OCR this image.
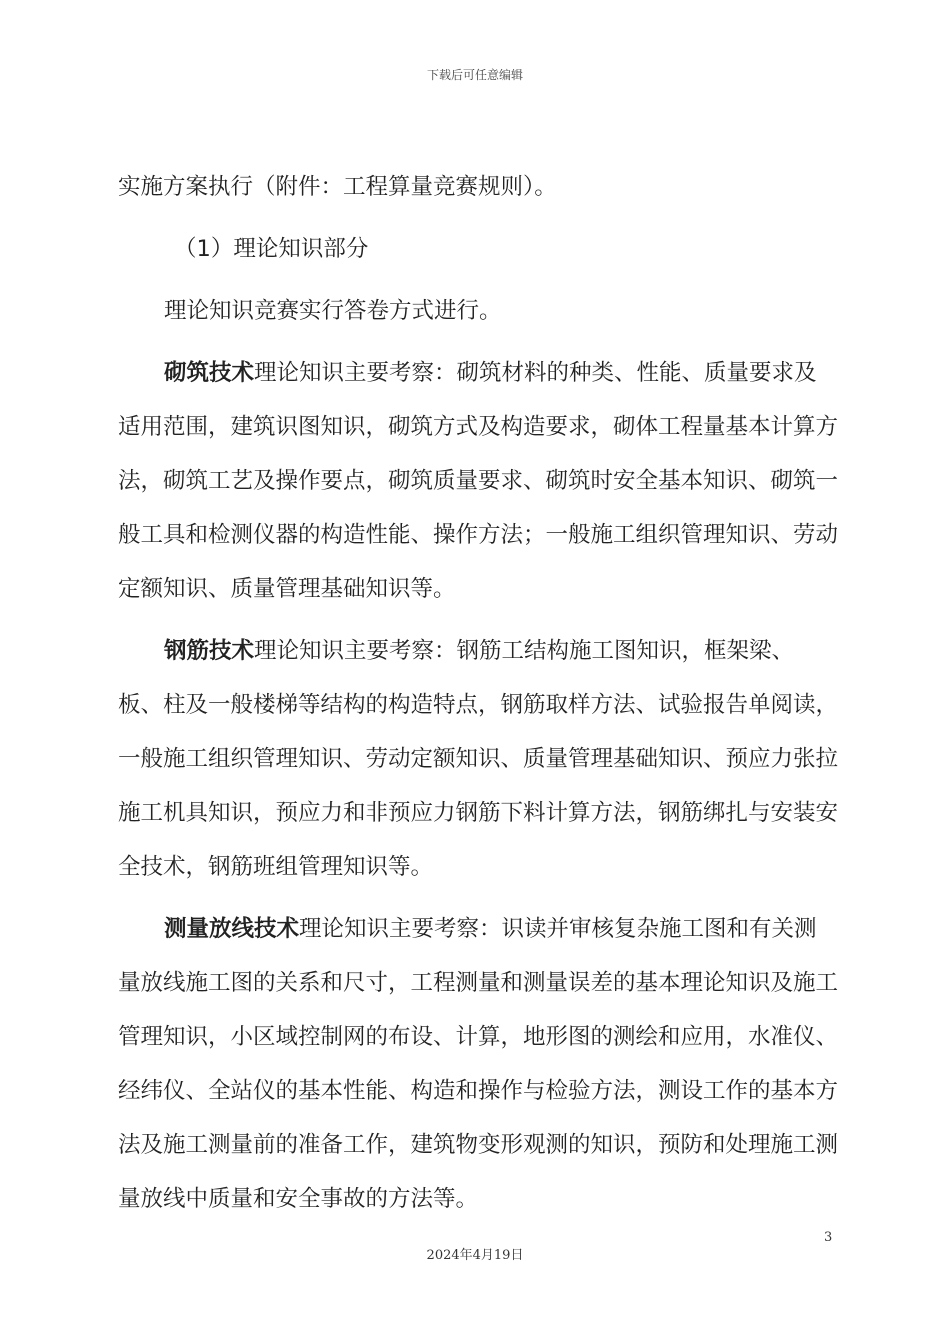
下载后可任意编辑

实施方案执行（附件：工程算量竞赛规则）。

（1）理论知识部分

理论知识竞赛实行答卷方式进行。

砌筑技术理论知识主要考察：砌筑材料的种类、性能、质量要求及适用范围，建筑识图知识，砌筑方式及构造要求，砌体工程量基本计算方法，砌筑工艺及操作要点，砌筑质量要求、砌筑时安全基本知识、砌筑一般工具和检测仪器的构造性能、操作方法；一般施工组织管理知识、劳动定额知识、质量管理基础知识等。

钢筋技术理论知识主要考察：钢筋工结构施工图知识，框架梁、板、柱及一般楼梯等结构的构造特点，钢筋取样方法、试验报告单阅读，一般施工组织管理知识、劳动定额知识、质量管理基础知识、预应力张拉施工机具知识，预应力和非预应力钢筋下料计算方法，钢筋绑扎与安装安全技术，钢筋班组管理知识等。

测量放线技术理论知识主要考察：识读并审核复杂施工图和有关测量放线施工图的关系和尺寸，工程测量和测量误差的基本理论知识及施工管理知识，小区域控制网的布设、计算，地形图的测绘和应用，水准仪、经纬仪、全站仪的基本性能、构造和操作与检验方法，测设工作的基本方法及施工测量前的准备工作，建筑物变形观测的知识，预防和处理施工测量放线中质量和安全事故的方法等。

3
2024年4月19日
